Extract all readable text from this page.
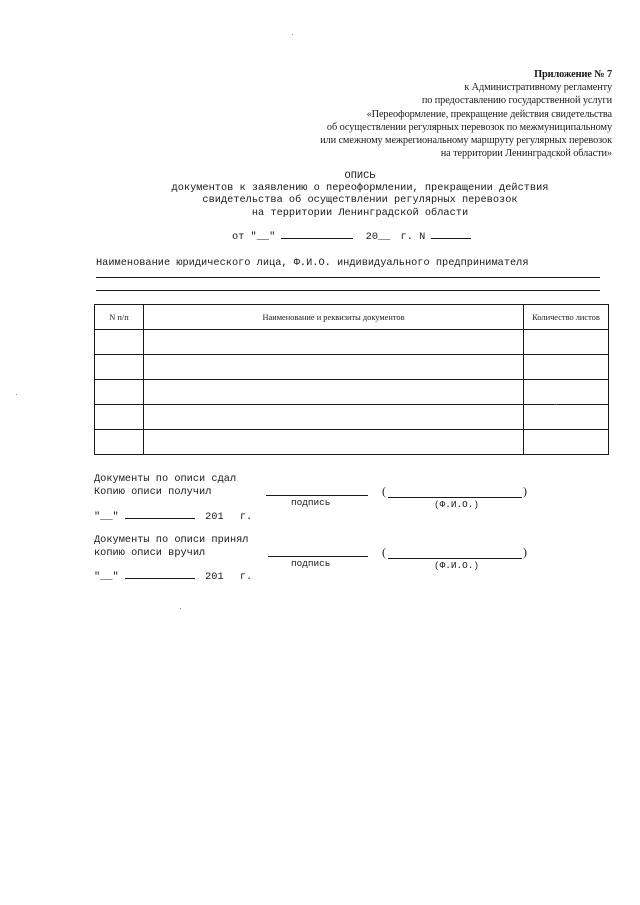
Приложение № 7
к Административному регламенту
по предоставлению государственной услуги
«Переоформление, прекращение действия свидетельства
об осуществлении регулярных перевозок по межмуниципальному
или смежному межрегиональному маршруту регулярных перевозок
на территории Ленинградской области»
ОПИСЬ
документов к заявлению о переоформлении, прекращении действия
свидетельства об осуществлении регулярных перевозок
на территории Ленинградской области
от "__"	20__ г. N
Наименование юридического лица, Ф.И.О. индивидуального предпринимателя
N п/п	Наименование и реквизиты документов	Количество листов

Документы по описи сдал
Копию описи получил	(	)
подпись	(Ф.И.О.)
"__"	201 г.
Документы по описи принял
копию описи вручил	(	)
подпись	(Ф.И.О.)
"__"	201 г.
